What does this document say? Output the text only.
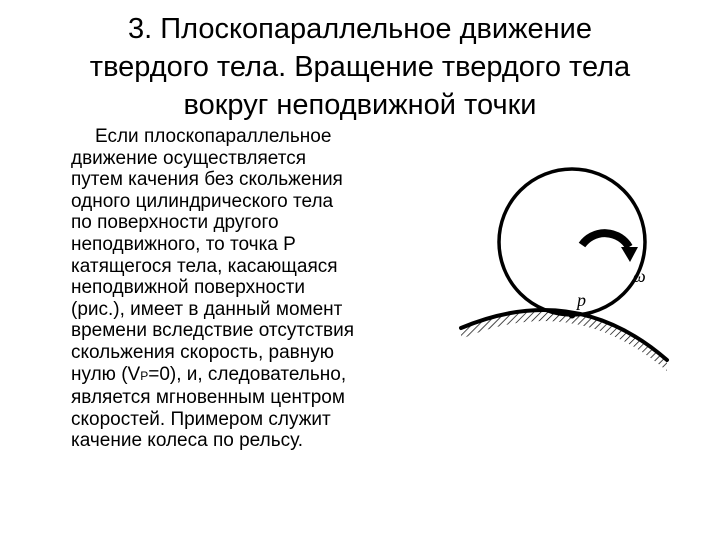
3. Плоскопараллельное движение
твердого тела. Вращение твердого тела
вокруг неподвижной точки
Если плоскопараллельное
движение осуществляется
путем качения без скольжения
одного цилиндрического тела
по поверхности другого
неподвижного, то точка Р
катящегося тела, касающаяся
неподвижной поверхности
(рис.), имеет в данный момент
времени вследствие отсутствия
скольжения скорость, равную
нулю (VP=0), и, следовательно,
является мгновенным центром
скоростей. Примером служит
качение колеса по рельсу.
ω
p
